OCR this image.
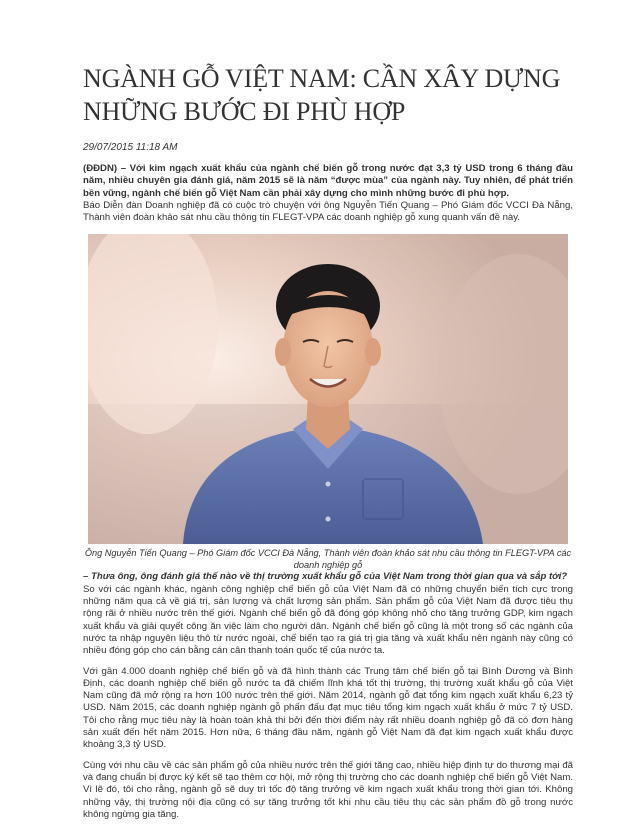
NGÀNH GỖ VIỆT NAM: CẦN XÂY DỰNG NHỮNG BƯỚC ĐI PHÙ HỢP
29/07/2015 11:18 AM

(ĐĐDN) – Với kim ngạch xuất khẩu của ngành chế biến gỗ trong nước đạt 3,3 tỷ USD trong 6 tháng đầu năm, nhiều chuyên gia đánh giá, năm 2015 sẽ là năm “được mùa” của ngành này. Tuy nhiên, để phát triển bền vững, ngành chế biến gỗ Việt Nam cần phải xây dựng cho mình những bước đi phù hợp.

Báo Diễn đàn Doanh nghiệp đã có cuộc trò chuyện với ông Nguyễn Tiến Quang – Phó Giám đốc VCCI Đà Nẵng, Thành viên đoàn khảo sát nhu cầu thông tin FLEGT-VPA các doanh nghiệp gỗ xung quanh vấn đề này.

Ông Nguyễn Tiến Quang – Phó Giám đốc VCCI Đà Nẵng, Thành viên đoàn khảo sát nhu cầu thông tin FLEGT-VPA các doanh nghiệp gỗ

– Thưa ông, ông đánh giá thế nào về thị trường xuất khẩu gỗ của Việt Nam trong thời gian qua và sắp tới?

So với các ngành khác, ngành công nghiệp chế biến gỗ của Việt Nam đã có những chuyển biến tích cực trong những năm qua cả về giá trị, sản lượng và chất lượng sản phẩm. Sản phẩm gỗ của Việt Nam đã được tiêu thụ rộng rãi ở nhiều nước trên thế giới. Ngành chế biến gỗ đã đóng góp không nhỏ cho tăng trưởng GDP, kim ngạch xuất khẩu và giải quyết công ăn việc làm cho người dân. Ngành chế biến gỗ cũng là một trong số các ngành của nước ta nhập nguyên liệu thô từ nước ngoài, chế biến tạo ra giá trị gia tăng và xuất khẩu nên ngành này cũng có nhiều đóng góp cho cán bằng cán cân thanh toán quốc tế của nước ta.

Với gần 4.000 doanh nghiệp chế biến gỗ và đã hình thành các Trung tâm chế biến gỗ tại Bình Dương và Bình Định, các doanh nghiệp chế biến gỗ nước ta đã chiếm lĩnh khá tốt thị trường, thị trường xuất khẩu gỗ của Việt Nam cũng đã mở rộng ra hơn 100 nước trên thế giới. Năm 2014, ngành gỗ đạt tổng kim ngạch xuất khẩu 6,23 tỷ USD. Năm 2015, các doanh nghiệp ngành gỗ phấn đấu đạt mục tiêu tổng kim ngạch xuất khẩu ở mức 7 tỷ USD. Tôi cho rằng mục tiêu này là hoàn toàn khả thi bởi đến thời điểm này rất nhiều doanh nghiệp gỗ đã có đơn hàng sản xuất đến hết năm 2015. Hơn nữa, 6 tháng đầu năm, ngành gỗ Việt Nam đã đạt kim ngạch xuất khẩu được khoảng 3,3 tỷ USD.

Cùng với nhu cầu về các sản phẩm gỗ của nhiều nước trên thế giới tăng cao, nhiều hiệp định tự do thương mại đã và đang chuẩn bị được ký kết sẽ tạo thêm cơ hội, mở rộng thị trường cho các doanh nghiệp chế biến gỗ Việt Nam. Vì lẽ đó, tôi cho rằng, ngành gỗ sẽ duy trì tốc độ tăng trưởng về kim ngạch xuất khẩu trong thời gian tới. Không những vậy, thị trường nội địa cũng có sự tăng trưởng tốt khi nhu cầu tiêu thụ các sản phẩm đồ gỗ trong nước không ngừng gia tăng.
